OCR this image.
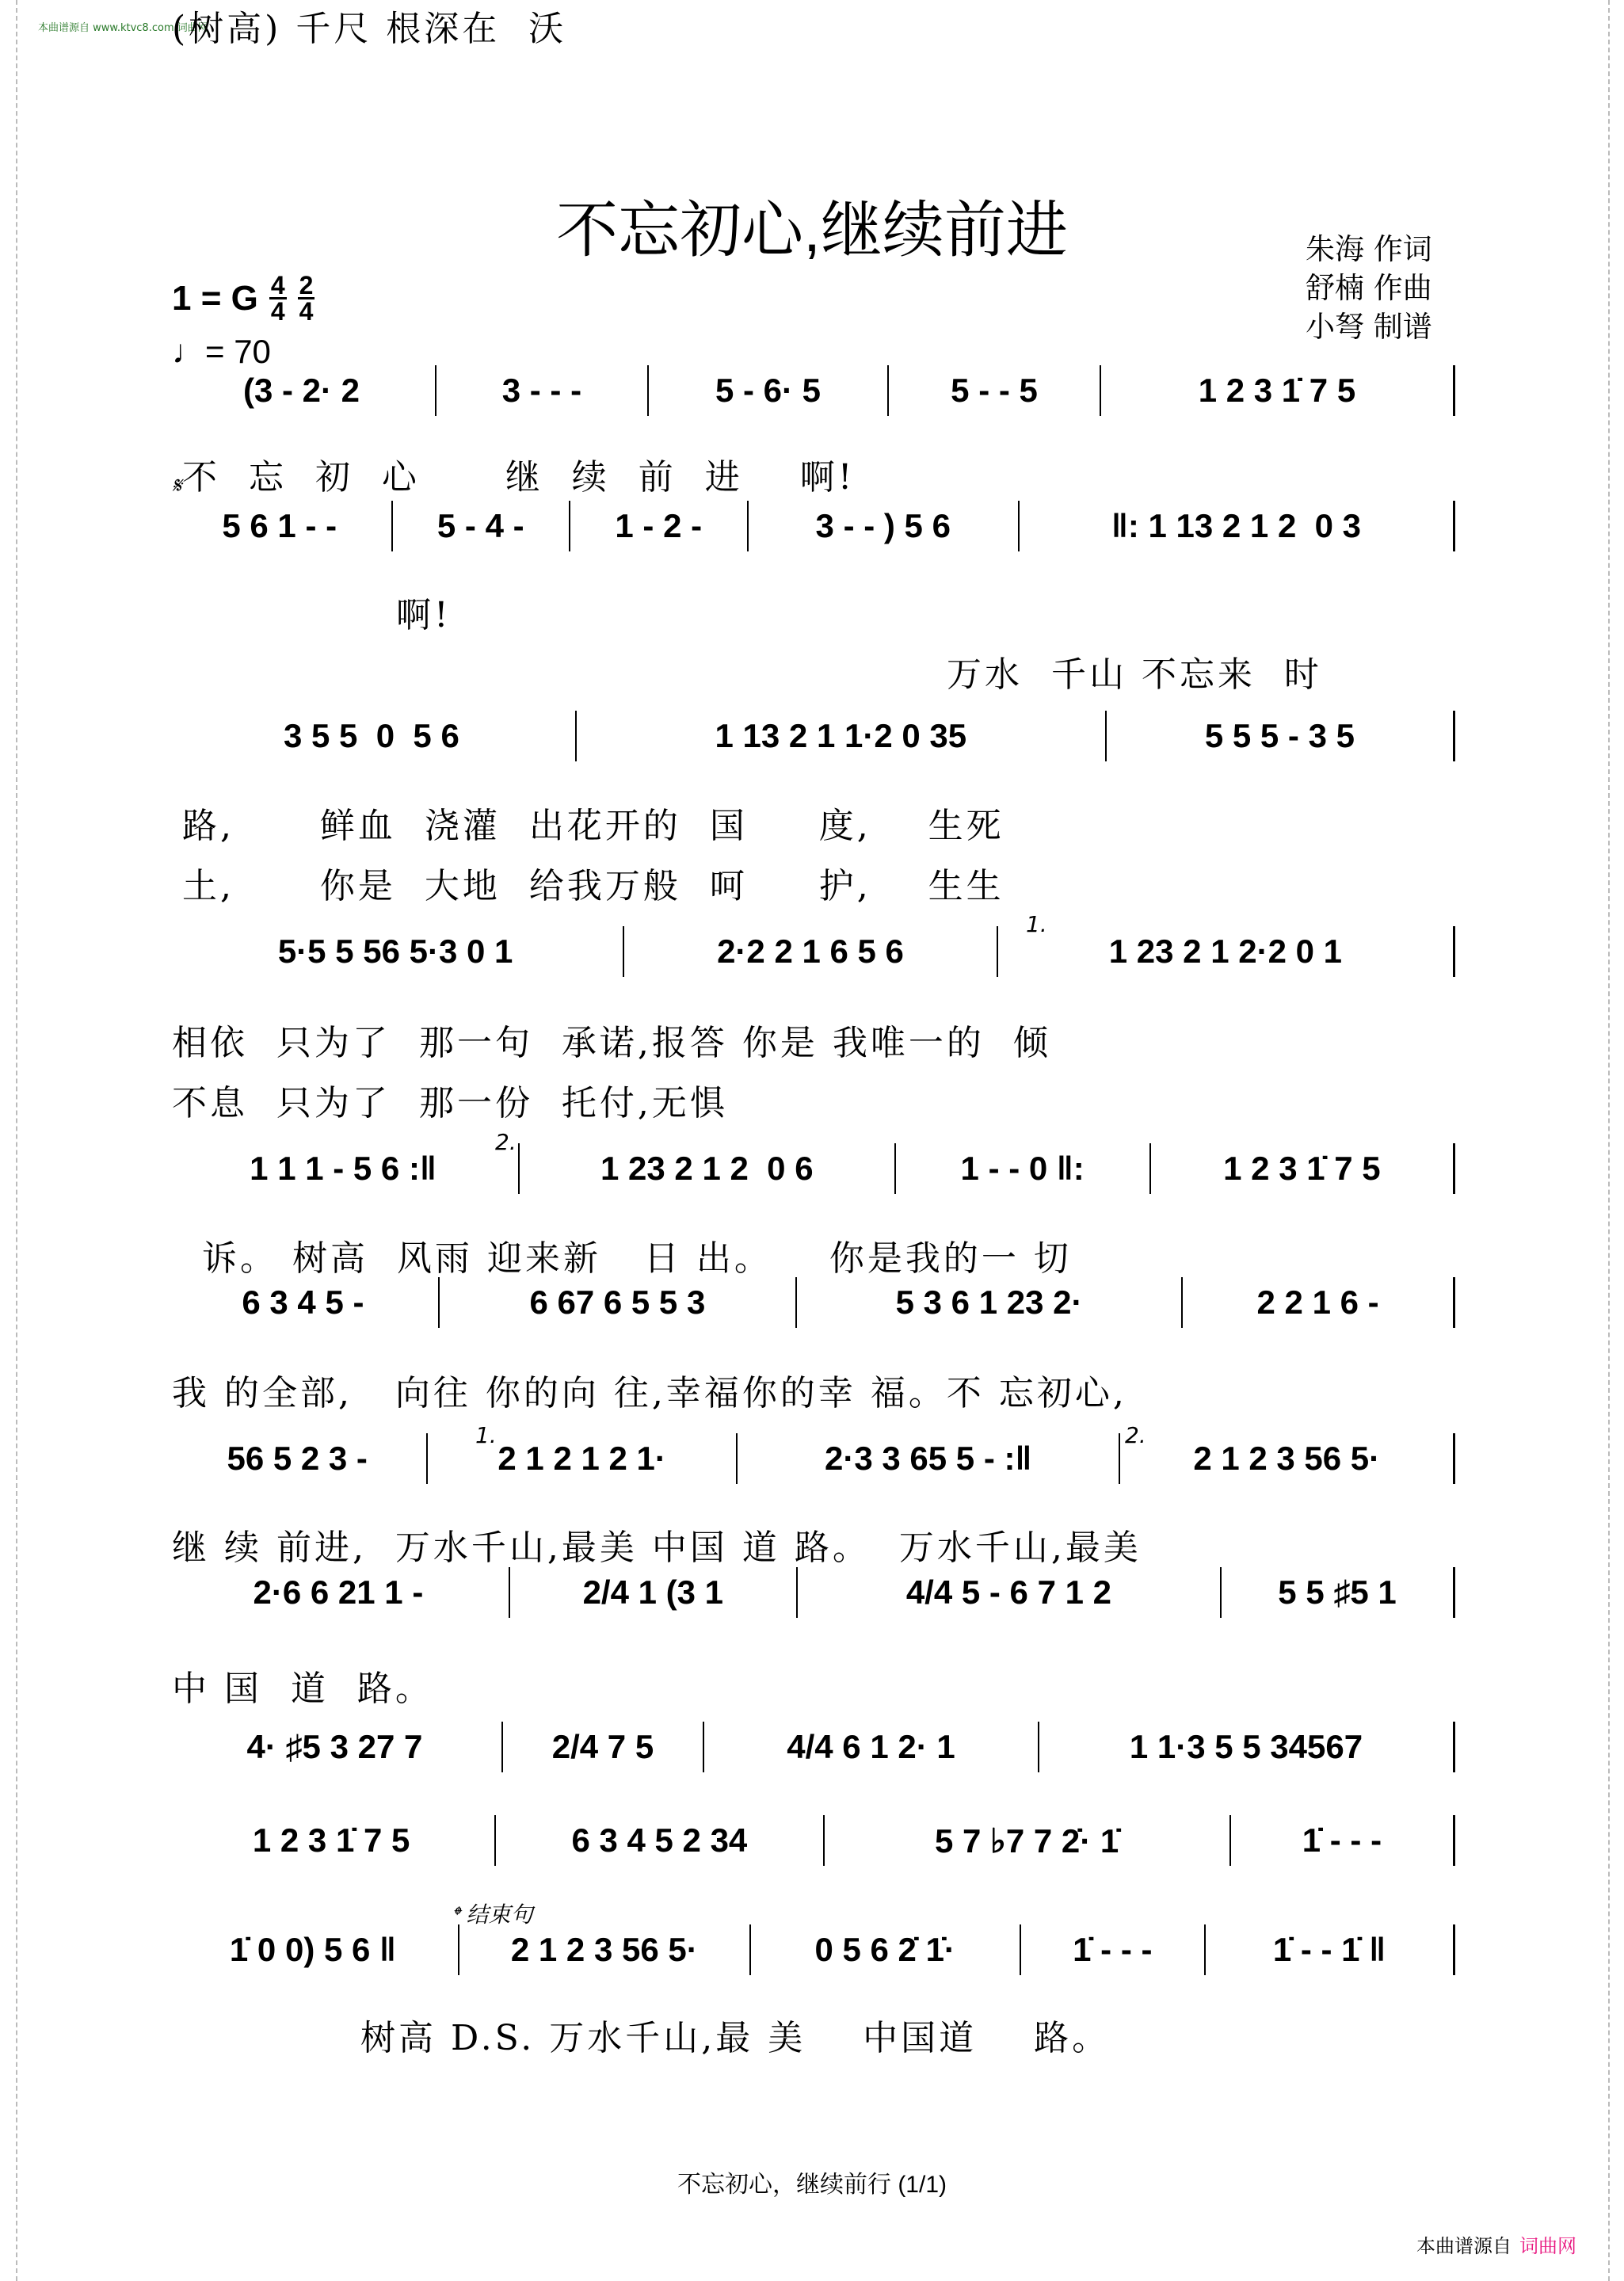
本曲谱源自 www.ktvc8.com 词曲网
不忘初心,继续前进	朱海 作词
舒楠 作曲
小弩 制谱
1 = G $\frac{4}{4} \frac{2}{4}$
♩= 70
(3 - 2· 2	3 - - -	5 - 6· 5	5 - - 5	1 2 3 1̇ 7 5
不  忘  初  心      继  续  前  进    啊!
5 6 1 - -	5 - 4 -	1 - 2 -	3 - - ) 5 6	‖: 1 13 2 1 2  0 3
啊!
万水  千山 不忘来  时
(树高) 千尺 根深在  沃
𝄋
3 5 5  0  5 6	1 13 2 1 1·2 0 35	5 5 5 - 3 5
路,      鲜血  浇灌  出花开的  国     度,    生死
土,      你是  大地  给我万般  呵     护,    生生
5·5 5 56 5·3 0 1	2·2 2 1 6 5 6	1 23 2 1 2·2 0 1
相依  只为了  那一句  承诺,报答 你是 我唯一的  倾
不息  只为了  那一份  托付,无惧
1.
1 1 1 - 5 6 :‖	1 23 2 1 2  0 6	1 - - 0 ‖:	1 2 3 1̇ 7 5
诉。 树高  风雨 迎来新   日 出。    你是我的一 切
2.
6 3 4 5 -	6 67 6 5 5 3	5 3 6 1 23 2·	2 2 1 6 -
我 的全部,   向往 你的向 往,幸福你的幸 福。不 忘初心,
56 5 2 3 -	2 1 2 1 2 1·	2·3 3 65 5 - :‖	2 1 2 3 56 5·
继 续 前进,  万水千山,最美 中国 道 路。  万水千山,最美
1.	2.
2·6 6 21 1 -	2/4 1 (3 1	4/4 5 - 6 7 1 2	5 5 ♯5 1
中 国  道  路。
4· ♯5 3 27 7	2/4 7 5	4/4 6 1 2· 1	1 1·3 5 5 34567
1 2 3 1̇ 7 5	6 3 4 5 2 34	5 7 ♭7 7 2̇· 1̇	1̇ - - -
1̇ 0 0) 5 6 ‖	2 1 2 3 56 5·	0 5 6 2̇ 1̇·	1̇ - - -	1̇ - - 1̇ ‖
树高 D.S. 万水千山,最 美    中国道    路。
𝄌 结束句
不忘初心，继续前行 (1/1)
本曲谱源自 词曲网
